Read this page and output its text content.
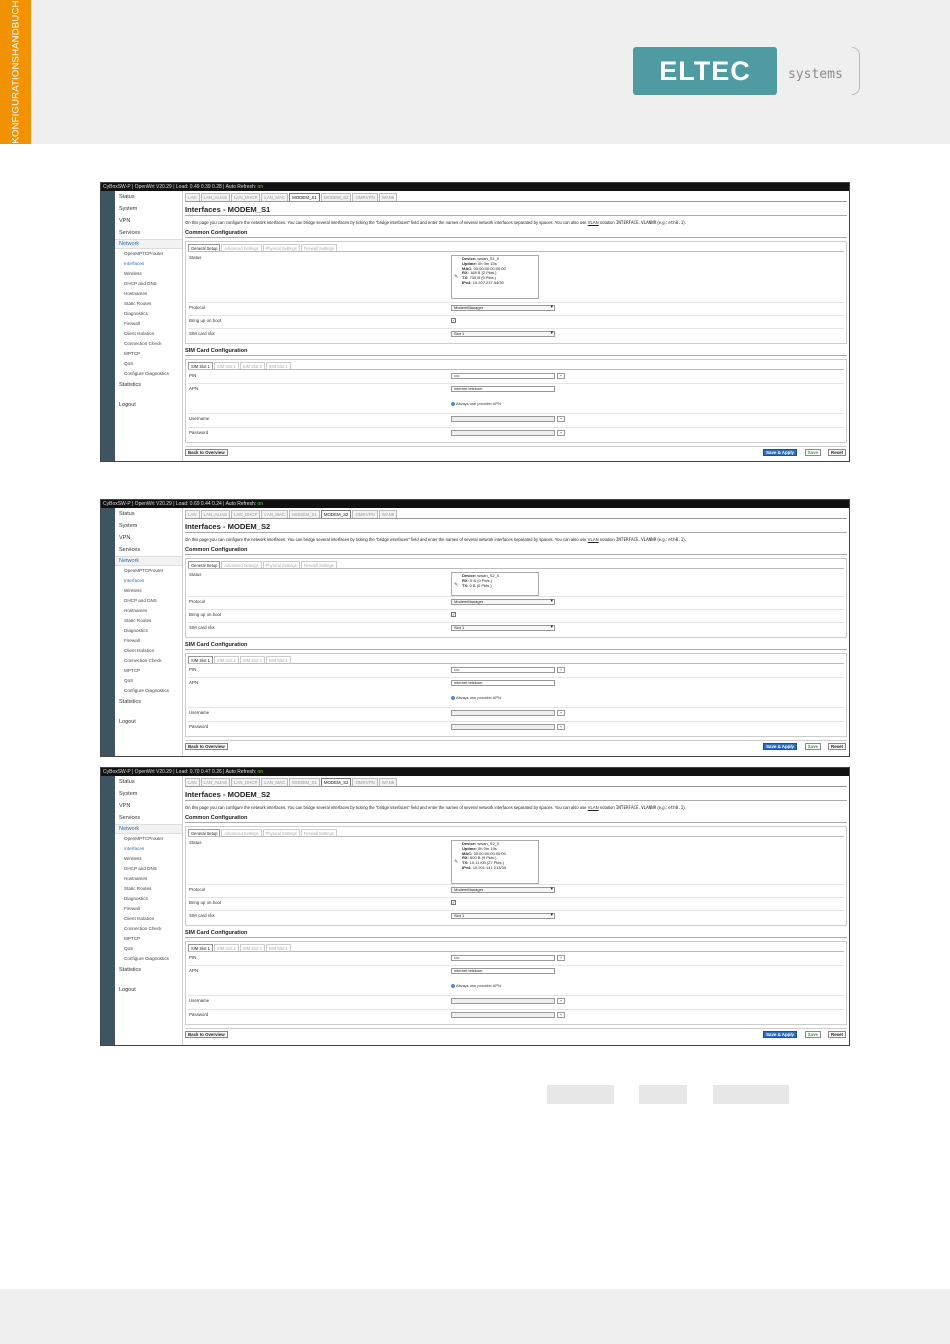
KONFIGURATIONSHANDBUCH	ELTEC	systems
CyBoxSW-P | OpenWrt V20.29 | Load: 0.49 0.39 0.28 | Auto Refresh: on
Status
System
VPN
Services
Network
OpenMPTCProuter
Interfaces
Wireless
DHCP and DNS
Hostnames
Static Routes
Diagnostics
Firewall
Client Isolation
Connection Check
MPTCP
QoS
Configure Diagnostics
Statistics
Logout
LAN	LAN_ALIAS	LAN_DHCP	LAN_MAC	MODEM_S1	MODEM_S2	OMRVPN	WAN6
Interfaces - MODEM_S1
On this page you can configure the network interfaces. You can bridge several interfaces by ticking the "bridge interfaces" field and enter the names of several network interfaces separated by spaces. You can also use VLAN notation INTERFACE.VLANNR (e.g.: eth0.1).
Common Configuration
General Setup	Advanced Settings	Physical Settings	Firewall Settings
Status
✎
Device: wwan_S1_0
Uptime: 0h 0m 15s
MAC: 00:00:00:00:00:00
RX: 168 B (2 Pkts.)
TX: 730 B (9 Pkts.)
IPv4: 10.207.237.54/30
Protocol	ModemManager ▾
Bring up on boot	✓
SIM card slot	Slot 1 ▾
SIM Card Configuration
SIM Slot 1	SIM Slot 2	SIM Slot 3	SIM Slot 4
PIN	••••	+
APN	internet.telekom
Always use provider APN
Username	+
Password	+
Back to Overview	Save & Apply	Save	Reset
CyBoxSW-P | OpenWrt V20.29 | Load: 0.69 0.44 0.24 | Auto Refresh: on
Status
System
VPN
Services
Network
OpenMPTCProuter
Interfaces
Wireless
DHCP and DNS
Hostnames
Static Routes
Diagnostics
Firewall
Client Isolation
Connection Check
MPTCP
QoS
Configure Diagnostics
Statistics
Logout
LAN	LAN_ALIAS	LAN_DHCP	LAN_MAC	MODEM_S1	MODEM_S2	OMRVPN	WAN6
Interfaces - MODEM_S2
On this page you can configure the network interfaces. You can bridge several interfaces by ticking the "bridge interfaces" field and enter the names of several network interfaces separated by spaces. You can also use VLAN notation INTERFACE.VLANNR (e.g.: eth0.1).
Common Configuration
General Setup	Advanced Settings	Physical Settings	Firewall Settings
Status
✎
Device: wwan_S2_0
RX: 0 B (0 Pkts.)
TX: 0 B (0 Pkts.)
Protocol	ModemManager ▾
Bring up on boot	✓
SIM card slot	Slot 1 ▾
SIM Card Configuration
SIM Slot 1	SIM Slot 2	SIM Slot 3	SIM Slot 4
PIN	••••	+
APN	internet.telekom
Always use provider APN
Username	+
Password	+
Back to Overview	Save & Apply	Save	Reset
CyBoxSW-P | OpenWrt V20.29 | Load: 0.70 0.47 0.26 | Auto Refresh: on
Status
System
VPN
Services
Network
OpenMPTCProuter
Interfaces
Wireless
DHCP and DNS
Hostnames
Static Routes
Diagnostics
Firewall
Client Isolation
Connection Check
MPTCP
QoS
Configure Diagnostics
Statistics
Logout
LAN	LAN_ALIAS	LAN_DHCP	LAN_MAC	MODEM_S1	MODEM_S2	OMRVPN	WAN6
Interfaces - MODEM_S2
On this page you can configure the network interfaces. You can bridge several interfaces by ticking the "bridge interfaces" field and enter the names of several network interfaces separated by spaces. You can also use VLAN notation INTERFACE.VLANNR (e.g.: eth0.1).
Common Configuration
General Setup	Advanced Settings	Physical Settings	Firewall Settings
Status
✎
Device: wwan_S2_0
Uptime: 0h 0m 19s
MAC: 00:00:00:00:00:00
RX: 600 B (9 Pkts.)
TX: 10.11 KB (27 Pkts.)
IPv4: 10.201.141.213/30
Protocol	ModemManager ▾
Bring up on boot	✓
SIM card slot	Slot 1 ▾
SIM Card Configuration
SIM Slot 1	SIM Slot 2	SIM Slot 3	SIM Slot 4
PIN	••••	+
APN	internet.telekom
Always use provider APN
Username	+
Password	+
Back to Overview	Save & Apply	Save	Reset
